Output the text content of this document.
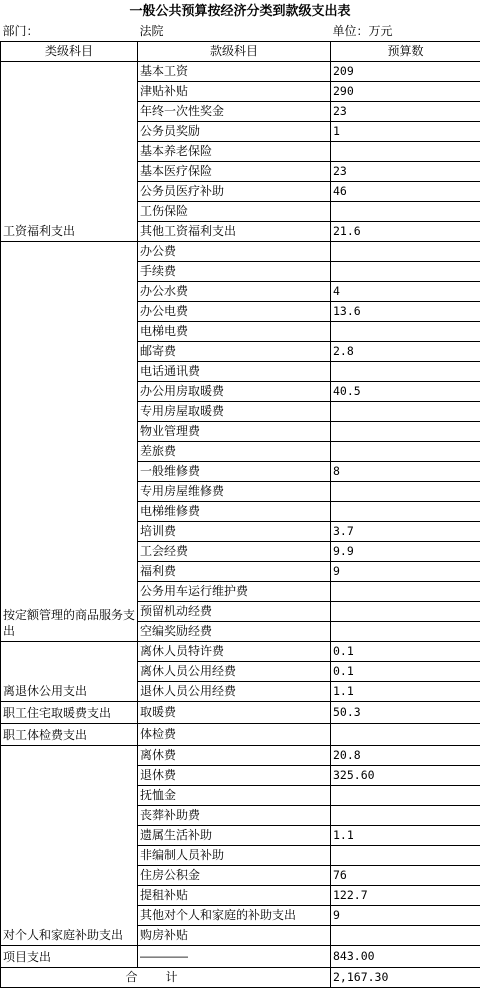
一般公共预算按经济分类到款级支出表
部门：	法院	单位：万元
类级科目	款级科目	预算数
工资福利支出	基本工资	209
	津贴补贴	290
	年终一次性奖金	23
	公务员奖励	1
	基本养老保险	
	基本医疗保险	23
	公务员医疗补助	46
	工伤保险	
	其他工资福利支出	21.6
按定额管理的商品服务支出	办公费	
	手续费	
	办公水费	4
	办公电费	13.6
	电梯电费	
	邮寄费	2.8
	电话通讯费	
	办公用房取暖费	40.5
	专用房屋取暖费	
	物业管理费	
	差旅费	
	一般维修费	8
	专用房屋维修费	
	电梯维修费	
	培训费	3.7
	工会经费	9.9
	福利费	9
	公务用车运行维护费	
	预留机动经费	
	空编奖励经费	
离退休公用支出	离休人员特许费	0.1
	离休人员公用经费	0.1
	退休人员公用经费	1.1
职工住宅取暖费支出	取暖费	50.3
职工体检费支出	体检费	
对个人和家庭补助支出	离休费	20.8
	退休费	325.60
	抚恤金	
	丧葬补助费	
	遗属生活补助	1.1
	非编制人员补助	
	住房公积金	76
	提租补贴	122.7
	其他对个人和家庭的补助支出	9
	购房补贴	
项目支出	————	843.00
合计		2,167.30
